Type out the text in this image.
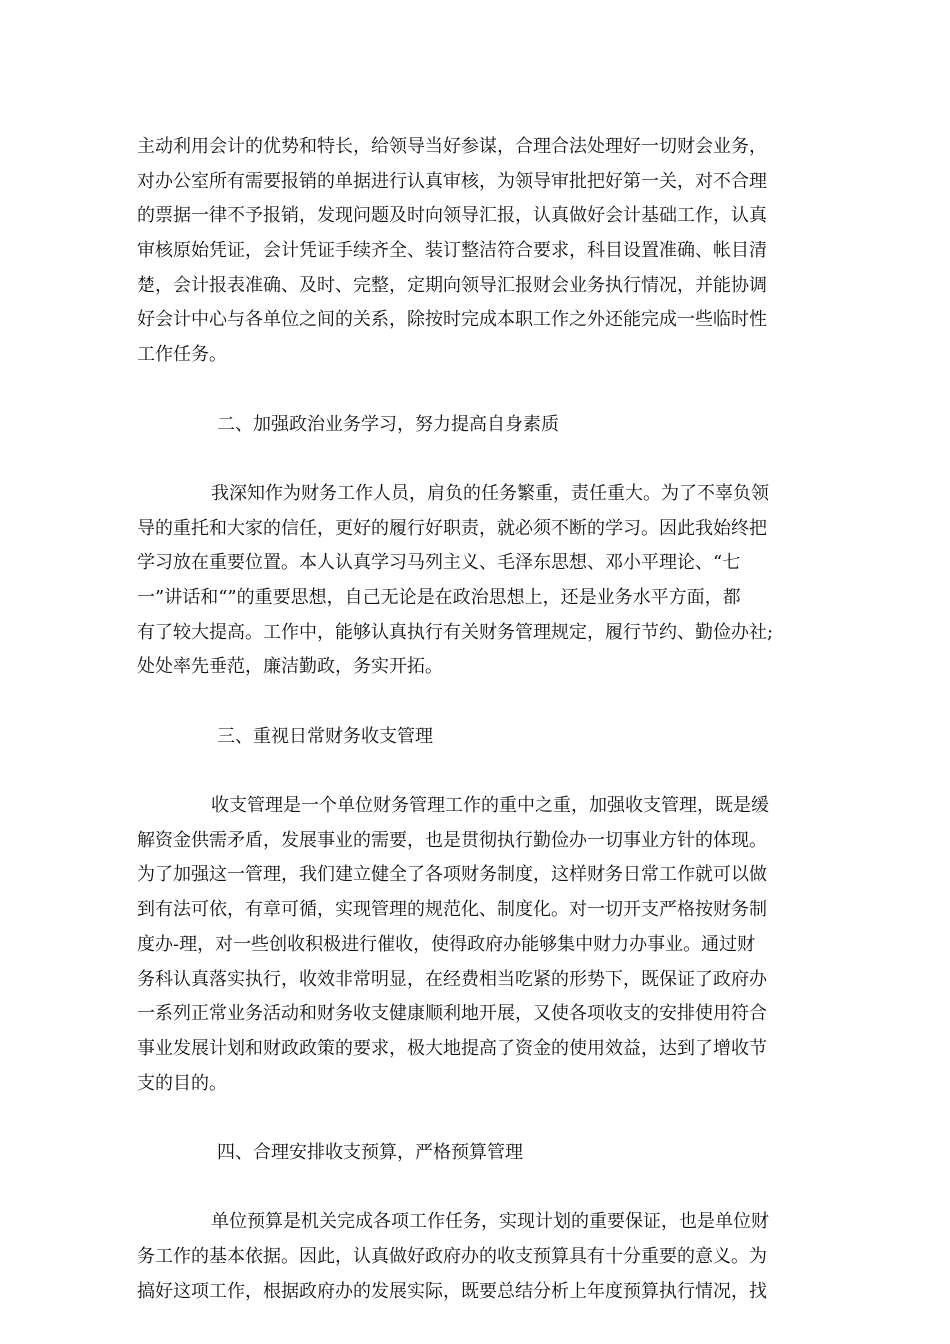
主动利用会计的优势和特长，给领导当好参谋，合理合法处理好一切财会业务，
对办公室所有需要报销的单据进行认真审核，为领导审批把好第一关，对不合理
的票据一律不予报销，发现问题及时向领导汇报，认真做好会计基础工作，认真
审核原始凭证，会计凭证手续齐全、装订整洁符合要求，科目设置准确、帐目清
楚，会计报表准确、及时、完整，定期向领导汇报财会业务执行情况，并能协调
好会计中心与各单位之间的关系，除按时完成本职工作之外还能完成一些临时性
工作任务。
二、加强政治业务学习，努力提高自身素质
我深知作为财务工作人员，肩负的任务繁重，责任重大。为了不辜负领
导的重托和大家的信任，更好的履行好职责，就必须不断的学习。因此我始终把
学习放在重要位置。本人认真学习马列主义、毛泽东思想、邓小平理论、“七
一”讲话和“”的重要思想，自己无论是在政治思想上，还是业务水平方面，都
有了较大提高。工作中，能够认真执行有关财务管理规定，履行节约、勤俭办社;
处处率先垂范，廉洁勤政，务实开拓。
三、重视日常财务收支管理
收支管理是一个单位财务管理工作的重中之重，加强收支管理，既是缓
解资金供需矛盾，发展事业的需要，也是贯彻执行勤俭办一切事业方针的体现。
为了加强这一管理，我们建立健全了各项财务制度，这样财务日常工作就可以做
到有法可依，有章可循，实现管理的规范化、制度化。对一切开支严格按财务制
度办-理，对一些创收积极进行催收，使得政府办能够集中财力办事业。通过财
务科认真落实执行，收效非常明显，在经费相当吃紧的形势下，既保证了政府办
一系列正常业务活动和财务收支健康顺利地开展，又使各项收支的安排使用符合
事业发展计划和财政政策的要求，极大地提高了资金的使用效益，达到了增收节
支的目的。
四、合理安排收支预算，严格预算管理
单位预算是机关完成各项工作任务，实现计划的重要保证，也是单位财
务工作的基本依据。因此，认真做好政府办的收支预算具有十分重要的意义。为
搞好这项工作，根据政府办的发展实际，既要总结分析上年度预算执行情况，找
